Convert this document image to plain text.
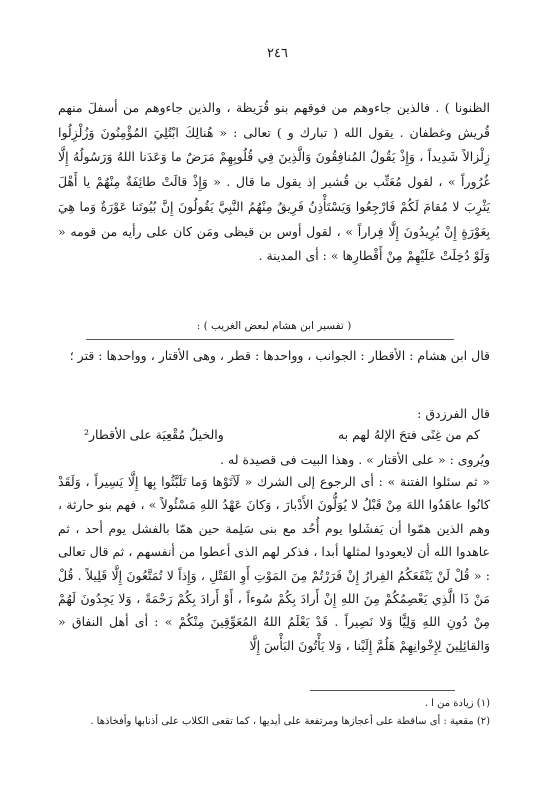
٢٤٦

الظنونا ) . فالذين جاءوهم من فوقهم بنو قُرَيظة ، والذين جاءوهم من أسفلَ منهم قُريش وغطفان . يقول الله ( تبارك و ) تعالى : « هُنالِكَ ابْتُلِيَ المُؤْمِنُونَ وَزُلْزِلُوا زِلْزالاً شَدِيداً ، وَإِذْ يَقُولُ المُنافِقُونَ وَالَّذِينَ فِي قُلُوبِهِمْ مَرَضٌ ما وَعَدَنا اللهُ وَرَسُولُهُ إِلَّا غُرُوراً » ، لقول مُعَتِّب بن قُشير إذ يقول ما قال . « وَإِذْ قالَتْ طائِفَةٌ مِنْهُمْ يا أَهْلَ يَثْرِبَ لا مُقامَ لَكُمْ فَارْجِعُوا وَيَسْتَأْذِنُ فَرِيقٌ مِنْهُمُ النَّبِيَّ يَقُولُونَ إِنَّ بُيُوتَنا عَوْرَةٌ وَما هِيَ بِعَوْرَةٍ إِنْ يُرِيدُونَ إِلَّا فِراراً » ، لقول أوس بن قيظى ومَن كان على رأيه من قومه « وَلَوْ دُخِلَتْ عَلَيْهِمْ مِنْ أَقْطارِها » : أى المدينة .

( تفسير ابن هشام لبعض الغريب ) :

قال ابن هشام : الأقطار : الجوانب ، وواحدها : قطر ، وهى الأقتار ، وواحدها : قتر ؛

قال الفرزدق :

كم من غِنًى فتحَ الإلهُ لهم به
والخيلُ مُقْعِيَة على الأقطار²

ويُروى : « على الأقتار » . وهذا البيت فى قصيدة له .

« ثم سئلوا الفتنة » : أى الرجوع إلى الشرك « لَآتَوْها وَما تَلَبَّثُوا بِها إِلَّا يَسِيراً ، وَلَقَدْ كانُوا عاهَدُوا اللهَ مِنْ قَبْلُ لا يُوَلُّونَ الأَدْبارَ ، وَكانَ عَهْدُ اللهِ مَسْئُولاً » ، فهم بنو حارثة ، وهم الذين همّوا أن يَفشَلوا يوم أُحُد مع بنى سَلِمة حين همّا بالفشل يوم أحد ، ثم عاهدوا الله أن لايعودوا لمثلها أبدا ، فذكر لهم الذى أعطوا من أنفسهم ، ثم قال تعالى : « قُلْ لَنْ يَنْفَعَكُمُ الفِرارُ إِنْ فَرَرْتُمْ مِنَ المَوْتِ أَوِ القَتْلِ ، وَإِذاً لا تُمَتَّعُونَ إِلَّا قَلِيلاً . قُلْ مَنْ ذَا الَّذِي يَعْصِمُكُمْ مِنَ اللهِ إِنْ أَرادَ بِكُمْ سُوءاً ، أَوْ أَرادَ بِكُمْ رَحْمَةً ، وَلا يَجِدُونَ لَهُمْ مِنْ دُونِ اللهِ وَلِيًّا وَلا نَصِيراً . قَدْ يَعْلَمُ اللهُ المُعَوِّقِينَ مِنْكُمْ » : أى أهل النفاق « وَالقائِلِينَ لِإِخْوانِهِمْ هَلُمَّ إِلَيْنا ، وَلا يَأْتُونَ البَأْسَ إِلَّا

(١) زيادة من ا .

(٢) مقعية : أى ساقطة على أعجازها ومرتفعة على أيديها ، كما تقعى الكلاب على أذنابها وأفخاذها .
